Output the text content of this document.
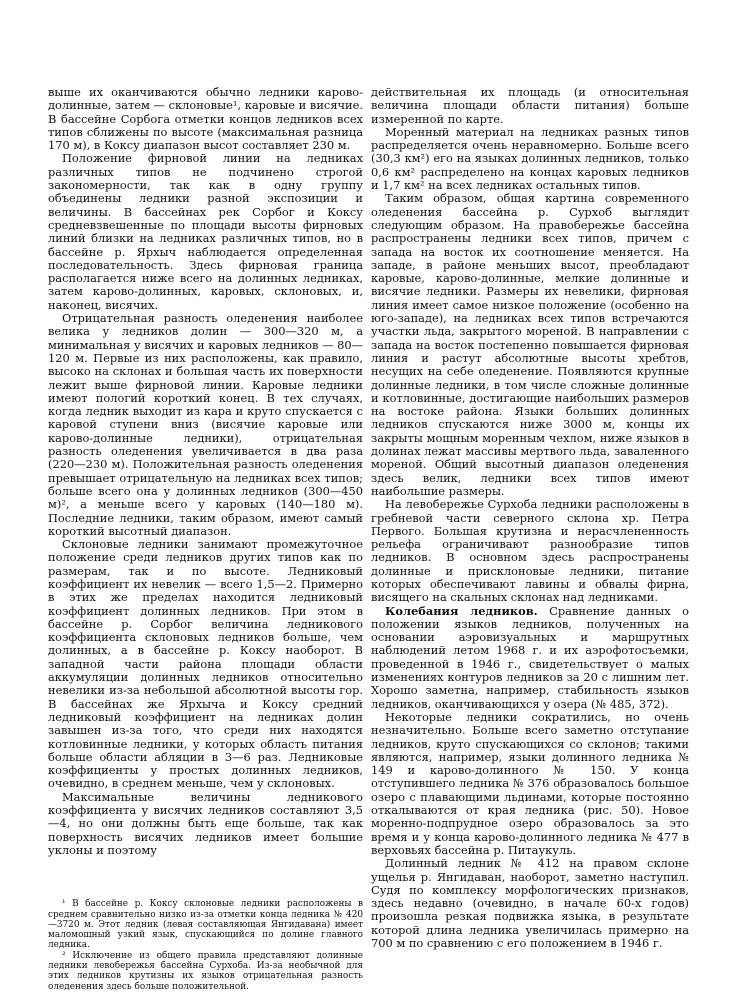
выше их оканчиваются обычно ледники карово-долинные, затем — склоновые¹, каровые и висячие. В бассейне Сорбога отметки концов ледников всех типов сближены по высоте (максимальная разница 170 м), в Коксу диапазон высот составляет 230 м.

Положение фирновой линии на ледниках различных типов не подчинено строгой закономерности, так как в одну группу объединены ледники разной экспозиции и величины. В бассейнах рек Сорбог и Коксу средневзвешенные по площади высоты фирновых линий близки на ледниках различных типов, но в бассейне р. Ярхыч наблюдается определенная последовательность. Здесь фирновая граница располагается ниже всего на долинных ледниках, затем карово-долинных, каровых, склоновых, и, наконец, висячих.

Отрицательная разность оледенения наиболее велика у ледников долин — 300—320 м, а минимальная у висячих и каровых ледников — 80—120 м. Первые из них расположены, как правило, высоко на склонах и большая часть их поверхности лежит выше фирновой линии. Каровые ледники имеют пологий короткий конец. В тех случаях, когда ледник выходит из кара и круто спускается с каровой ступени вниз (висячие каровые или карово-долинные ледники), отрицательная разность оледенения увеличивается в два раза (220—230 м). Положительная разность оледенения превышает отрицательную на ледниках всех типов; больше всего она у долинных ледников (300—450 м)², а меньше всего у каровых (140—180 м). Последние ледники, таким образом, имеют самый короткий высотный диапазон.

Склоновые ледники занимают промежуточное положение среди ледников других типов как по размерам, так и по высоте. Ледниковый коэффициент их невелик — всего 1,5—2. Примерно в этих же пределах находится ледниковый коэффициент долинных ледников. При этом в бассейне р. Сорбог величина ледникового коэффициента склоновых ледников больше, чем долинных, а в бассейне р. Коксу наоборот. В западной части района площади области аккумуляции долинных ледников относительно невелики из-за небольшой абсолютной высоты гор. В бассейнах же Ярхыча и Коксу средний ледниковый коэффициент на ледниках долин завышен из-за того, что среди них находятся котловинные ледники, у которых область питания больше области абляции в 3—6 раз. Ледниковые коэффициенты у простых долинных ледников, очевидно, в среднем меньше, чем у склоновых.

Максимальные величины ледникового коэффициента у висячих ледников составляют 3,5—4, но они должны быть еще больше, так как поверхность висячих ледников имеет большие уклоны и поэтому

¹ В бассейне р. Коксу склоновые ледники расположены в среднем сравнительно низко из-за отметки конца ледника № 420—3720 м. Этот ледник (левая составляющая Янгидавана) имеет маломощный узкий язык, спускающийся по долине главного ледника.

² Исключение из общего правила представляют долинные ледники левобережья бассейна Сурхоба. Из-за необычной для этих ледников крутизны их языков отрицательная разность оледенения здесь больше положительной.

действительная их площадь (и относительная величина площади области питания) больше измеренной по карте.

Моренный материал на ледниках разных типов распределяется очень неравномерно. Больше всего (30,3 км²) его на языках долинных ледников, только 0,6 км² распределено на концах каровых ледников и 1,7 км² на всех ледниках остальных типов.

Таким образом, общая картина современного оледенения бассейна р. Сурхоб выглядит следующим образом. На правобережье бассейна распространены ледники всех типов, причем с запада на восток их соотношение меняется. На западе, в районе меньших высот, преобладают каровые, карово-долинные, мелкие долинные и висячие ледники. Размеры их невелики, фирновая линия имеет самое низкое положение (особенно на юго-западе), на ледниках всех типов встречаются участки льда, закрытого мореной. В направлении с запада на восток постепенно повышается фирновая линия и растут абсолютные высоты хребтов, несущих на себе оледенение. Появляются крупные долинные ледники, в том числе сложные долинные и котловинные, достигающие наибольших размеров на востоке района. Языки больших долинных ледников спускаются ниже 3000 м, концы их закрыты мощным моренным чехлом, ниже языков в долинах лежат массивы мертвого льда, заваленного мореной. Общий высотный диапазон оледенения здесь велик, ледники всех типов имеют наибольшие размеры.

На левобережье Сурхоба ледники расположены в гребневой части северного склона хр. Петра Первого. Большая крутизна и нерасчлененность рельефа ограничивают разнообразие типов ледников. В основном здесь распространены долинные и присклоновые ледники, питание которых обеспечивают лавины и обвалы фирна, висящего на скальных склонах над ледниками.

Колебания ледников. Сравнение данных о положении языков ледников, полученных на основании аэровизуальных и маршрутных наблюдений летом 1968 г. и их аэрофотосъемки, проведенной в 1946 г., свидетельствует о малых изменениях контуров ледников за 20 с лишним лет. Хорошо заметна, например, стабильность языков ледников, оканчивающихся у озера (№ 485, 372).

Некоторые ледники сократились, но очень незначительно. Больше всего заметно отступание ледников, круто спускающихся со склонов; такими являются, например, языки долинного ледника № 149 и карово-долинного № 150. У конца отступившего ледника № 376 образовалось большое озеро с плавающими льдинами, которые постоянно откалываются от края ледника (рис. 50). Новое моренно-подпрудное озеро образовалось за это время и у конца карово-долинного ледника № 477 в верховьях бассейна р. Питаукуль.

Долинный ледник № 412 на правом склоне ущелья р. Янгидаван, наоборот, заметно наступил. Судя по комплексу морфологических признаков, здесь недавно (очевидно, в начале 60-х годов) произошла резкая подвижка языка, в результате которой длина ледника увеличилась примерно на 700 м по сравнению с его положением в 1946 г.
